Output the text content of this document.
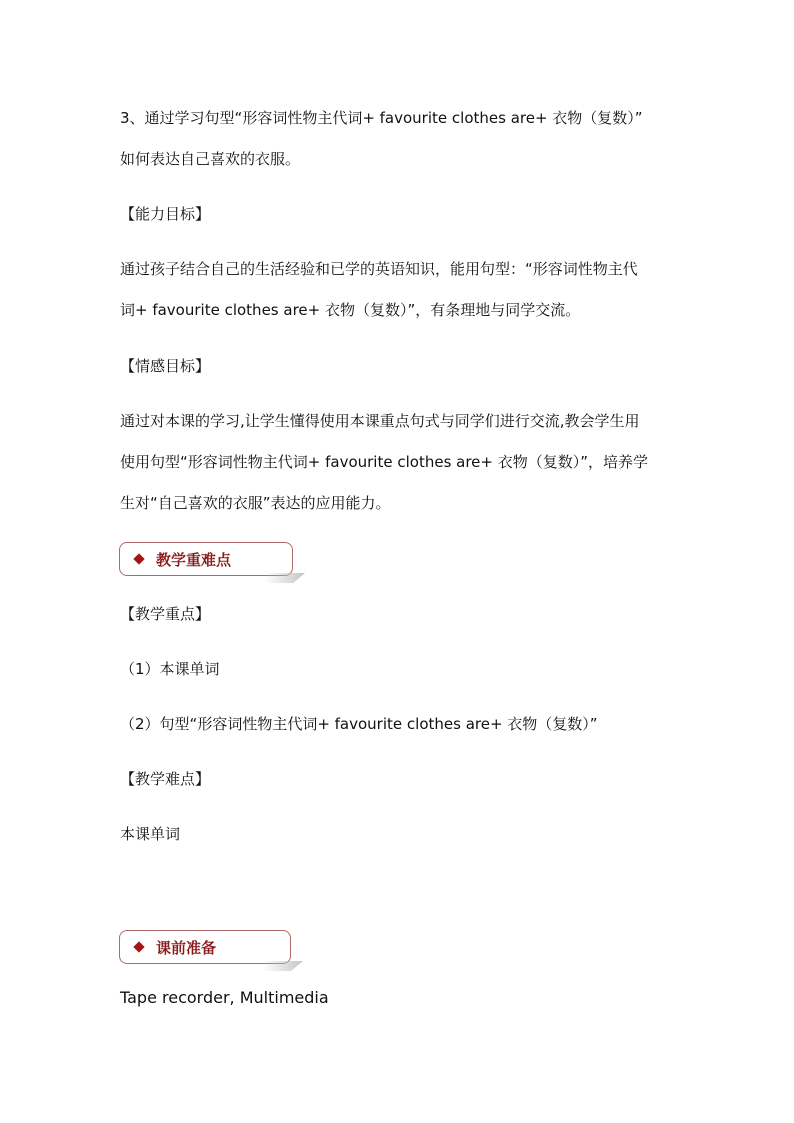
3、通过学习句型“形容词性物主代词+ favourite clothes are+ 衣物（复数）”
如何表达自己喜欢的衣服。
【能力目标】
通过孩子结合自己的生活经验和已学的英语知识，能用句型：“形容词性物主代
词+ favourite clothes are+ 衣物（复数）”，有条理地与同学交流。
【情感目标】
通过对本课的学习,让学生懂得使用本课重点句式与同学们进行交流,教会学生用
使用句型“形容词性物主代词+ favourite clothes are+ 衣物（复数）”，培养学
生对“自己喜欢的衣服”表达的应用能力。
教学重难点
【教学重点】
（1）本课单词
（2）句型“形容词性物主代词+ favourite clothes are+ 衣物（复数）”
【教学难点】
本课单词
课前准备
Tape recorder, Multimedia
